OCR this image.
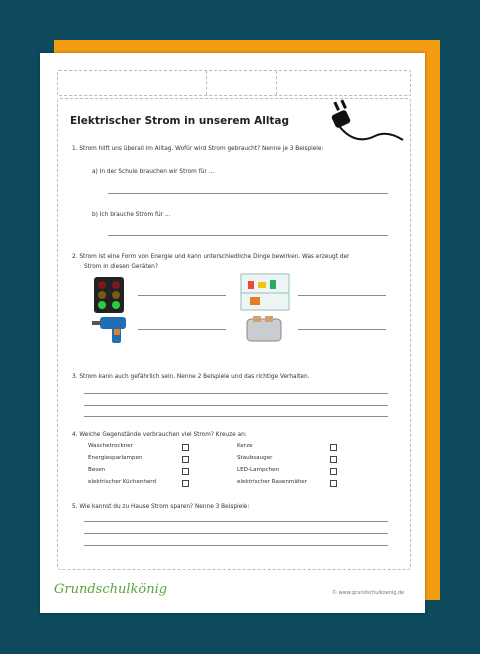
Elektrischer Strom in unserem Alltag
1. Strom hilft uns überall im Alltag. Wofür wird Strom gebraucht? Nenne je 3 Beispiele:
a) In der Schule brauchen wir Strom für ...
b) Ich brauche Strom für ...
2. Strom ist eine Form von Energie und kann unterschiedliche Dinge bewirken. Was erzeugt der
Strom in diesen Geräten?
3. Strom kann auch gefährlich sein. Nenne 2 Beispiele und das richtige Verhalten.
4. Welche Gegenstände verbrauchen viel Strom? Kreuze an:
Waschetrockner
Energiesparlampen
Besen
elektrischer Küchenherd
Kerze
Staubsauger
LED-Lampchen
elektrischer Rasenmäher
5. Wie kannst du zu Hause Strom sparen? Nenne 3 Beispiele:
Grundschulkönig	© www.grundschulkoenig.de
